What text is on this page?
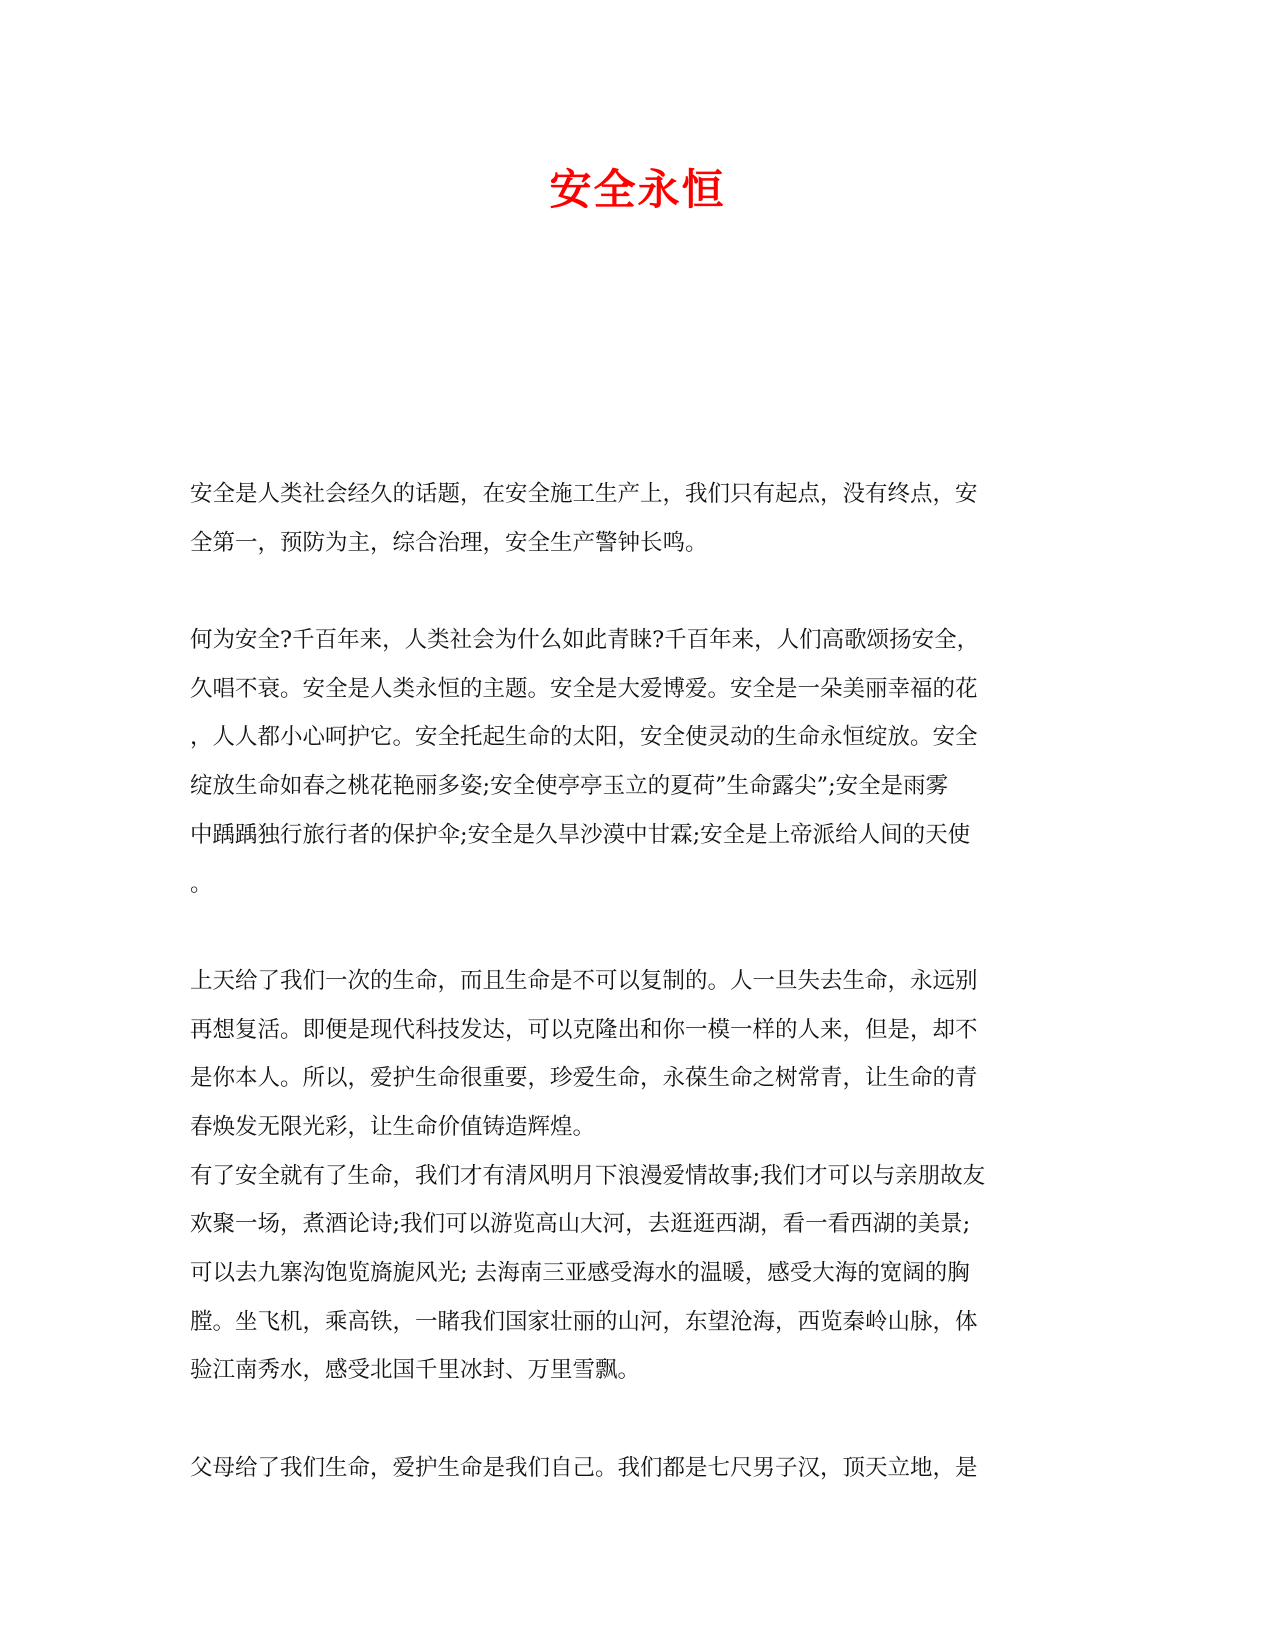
安全永恒
安全是人类社会经久的话题，在安全施工生产上，我们只有起点，没有终点，安
全第一，预防为主，综合治理，安全生产警钟长鸣。
何为安全?千百年来，人类社会为什么如此青睐?千百年来，人们高歌颂扬安全，
久唱不衰。安全是人类永恒的主题。安全是大爱博爱。安全是一朵美丽幸福的花
，人人都小心呵护它。安全托起生命的太阳，安全使灵动的生命永恒绽放。安全
绽放生命如春之桃花艳丽多姿;安全使亭亭玉立的夏荷”生命露尖”;安全是雨雾
中踽踽独行旅行者的保护伞;安全是久旱沙漠中甘霖;安全是上帝派给人间的天使
。
上天给了我们一次的生命，而且生命是不可以复制的。人一旦失去生命，永远别
再想复活。即便是现代科技发达，可以克隆出和你一模一样的人来，但是，却不
是你本人。所以，爱护生命很重要，珍爱生命，永葆生命之树常青，让生命的青
春焕发无限光彩，让生命价值铸造辉煌。
有了安全就有了生命，我们才有清风明月下浪漫爱情故事;我们才可以与亲朋故友
欢聚一场，煮酒论诗;我们可以游览高山大河，去逛逛西湖，看一看西湖的美景;
可以去九寨沟饱览旖旎风光; 去海南三亚感受海水的温暖，感受大海的宽阔的胸
膛。坐飞机，乘高铁，一睹我们国家壮丽的山河，东望沧海，西览秦岭山脉，体
验江南秀水，感受北国千里冰封、万里雪飘。
父母给了我们生命，爱护生命是我们自己。我们都是七尺男子汉，顶天立地，是
